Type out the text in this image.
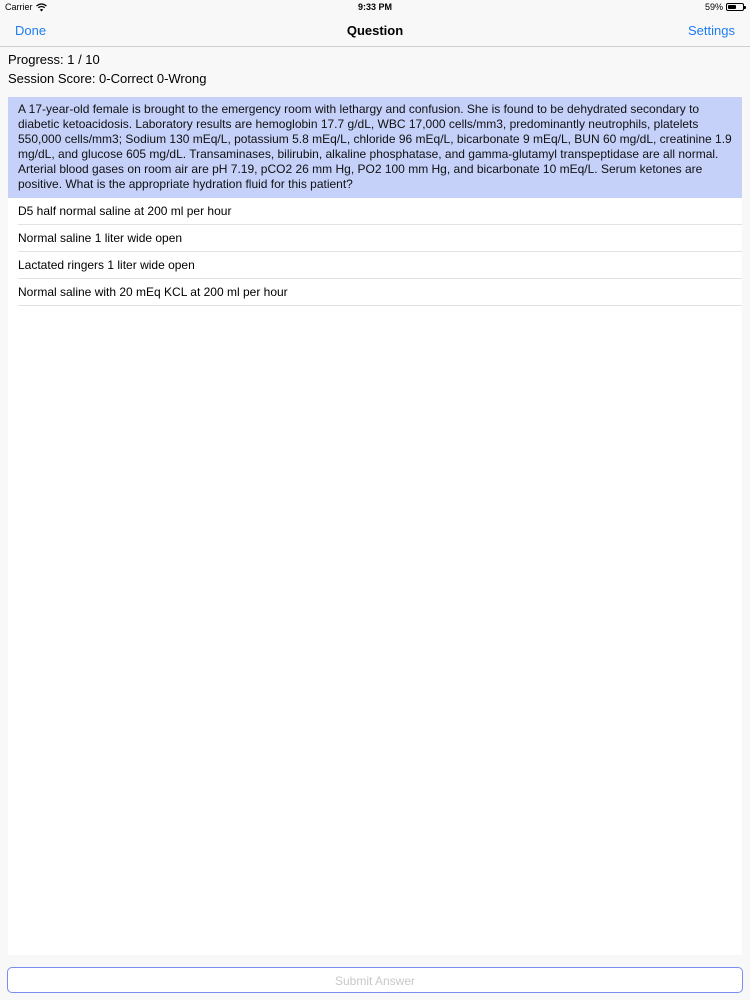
Carrier	9:33 PM	59%
Done	Question	Settings
Progress: 1 / 10
Session Score: 0-Correct 0-Wrong
A 17-year-old female is brought to the emergency room with lethargy and confusion. She is found to be dehydrated secondary to diabetic ketoacidosis. Laboratory results are hemoglobin 17.7 g/dL, WBC 17,000 cells/mm3, predominantly neutrophils, platelets 550,000 cells/mm3; Sodium 130 mEq/L, potassium 5.8 mEq/L, chloride 96 mEq/L, bicarbonate 9 mEq/L, BUN 60 mg/dL, creatinine 1.9 mg/dL, and glucose 605 mg/dL. Transaminases, bilirubin, alkaline phosphatase, and gamma-glutamyl transpeptidase are all normal. Arterial blood gases on room air are pH 7.19, pCO2 26 mm Hg, PO2 100 mm Hg, and bicarbonate 10 mEq/L. Serum ketones are positive. What is the appropriate hydration fluid for this patient?
D5 half normal saline at 200 ml per hour
Normal saline 1 liter wide open
Lactated ringers 1 liter wide open
Normal saline with 20 mEq KCL at 200 ml per hour
Submit Answer
